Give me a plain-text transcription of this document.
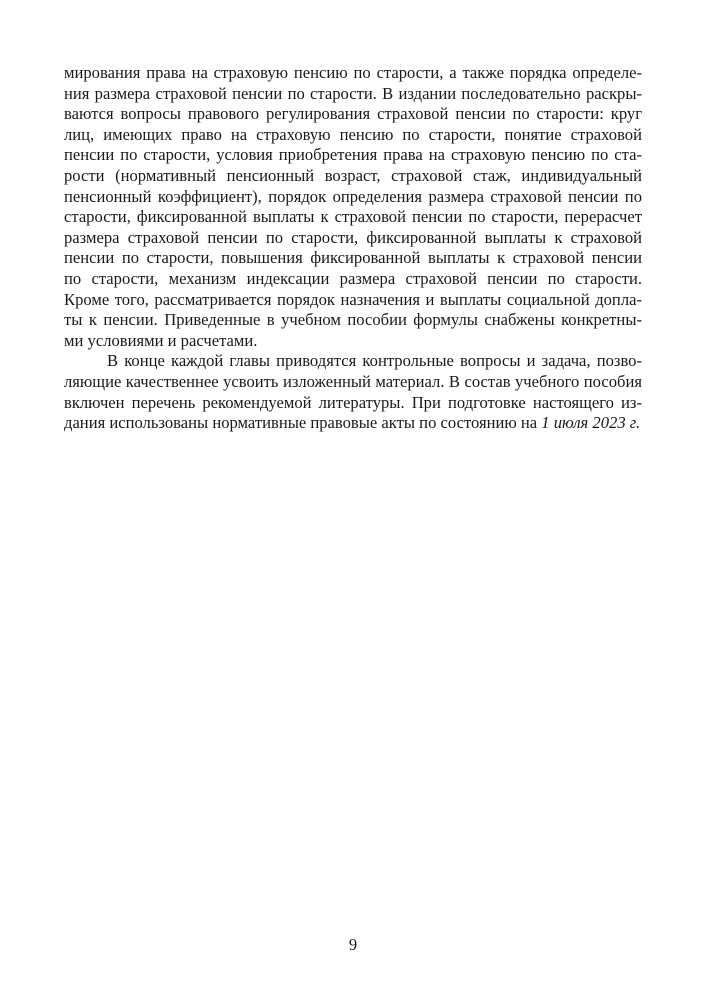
мирования права на страховую пенсию по старости, а также порядка определе-
ния размера страховой пенсии по старости. В издании последовательно раскры-
ваются вопросы правового регулирования страховой пенсии по старости: круг
лиц, имеющих право на страховую пенсию по старости, понятие страховой
пенсии по старости, условия приобретения права на страховую пенсию по ста-
рости (нормативный пенсионный возраст, страховой стаж, индивидуальный
пенсионный коэффициент), порядок определения размера страховой пенсии по
старости, фиксированной выплаты к страховой пенсии по старости, перерасчет
размера страховой пенсии по старости, фиксированной выплаты к страховой
пенсии по старости, повышения фиксированной выплаты к страховой пенсии
по старости, механизм индексации размера страховой пенсии по старости.
Кроме того, рассматривается порядок назначения и выплаты социальной допла-
ты к пенсии. Приведенные в учебном пособии формулы снабжены конкретны-
ми условиями и расчетами.
В конце каждой главы приводятся контрольные вопросы и задача, позво-
ляющие качественнее усвоить изложенный материал. В состав учебного пособия
включен перечень рекомендуемой литературы. При подготовке настоящего из-
дания использованы нормативные правовые акты по состоянию на 1 июля 2023 г.
9
